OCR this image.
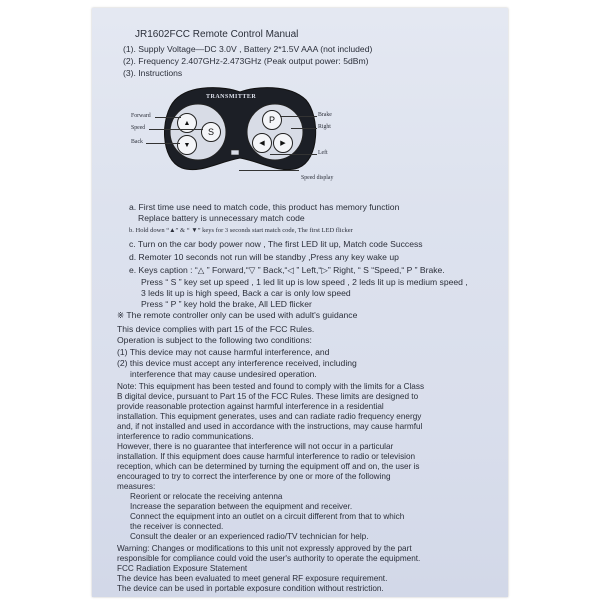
JR1602FCC Remote Control Manual
(1). Supply Voltage—DC 3.0V , Battery 2*1.5V AAA (not included)
(2). Frequency 2.407GHz-2.473GHz (Peak output power: 5dBm)
(3). Instructions
TRANSMITTER
▲
▼
S
P
◀ ▶
Forward
Speed
Back
Brake
Right
Left
Speed display
a. First time use need to match code, this product has memory function
Replace battery is unnecessary match code
b. Hold down “▲” & “ ▼” keys for 3 seconds start match code, The first LED flicker
c. Turn on the car body power now , The first LED lit up, Match code Success
d. Remoter 10 seconds not run will be standby ,Press any key wake up
e. Keys caption : “△ ” Forward,“▽ ” Back,“◁ ” Left,“▷” Right, “ S “Speed,“ P ” Brake.
Press “ S ” key set up speed , 1 led lit up is low speed , 2 leds lit up is medium speed ,
3 leds lit up is high speed, Back a car is only low speed
Press “ P ” key hold the brake, All LED flicker
※ The remote controller only can be used with adult's guidance
This device complies with part 15 of the FCC Rules.
Operation is subject to the following two conditions:
(1) This device may not cause harmful interference, and
(2) this device must accept any interference received, including
interference that may cause undesired operation.
Note: This equipment has been tested and found to comply with the limits for a Class
B digital device, pursuant to Part 15 of the FCC Rules. These limits are designed to
provide reasonable protection against harmful interference in a residential
installation. This equipment generates, uses and can radiate radio frequency energy
and, if not installed and used in accordance with the instructions, may cause harmful
interference to radio communications.
However, there is no guarantee that interference will not occur in a particular
installation. If this equipment does cause harmful interference to radio or television
reception, which can be determined by turning the equipment off and on, the user is
encouraged to try to correct the interference by one or more of the following
measures:
Reorient or relocate the receiving antenna
Increase the separation between the equipment and receiver.
Connect the equipment into an outlet on a circuit different from that to which
the receiver is connected.
Consult the dealer or an experienced radio/TV technician for help.
Warning: Changes or modifications to this unit not expressly approved by the part
responsible for compliance could void the user's authority to operate the equipment.
FCC Radiation Exposure Statement
The device has been evaluated to meet general RF exposure requirement.
The device can be used in portable exposure condition without restriction.
